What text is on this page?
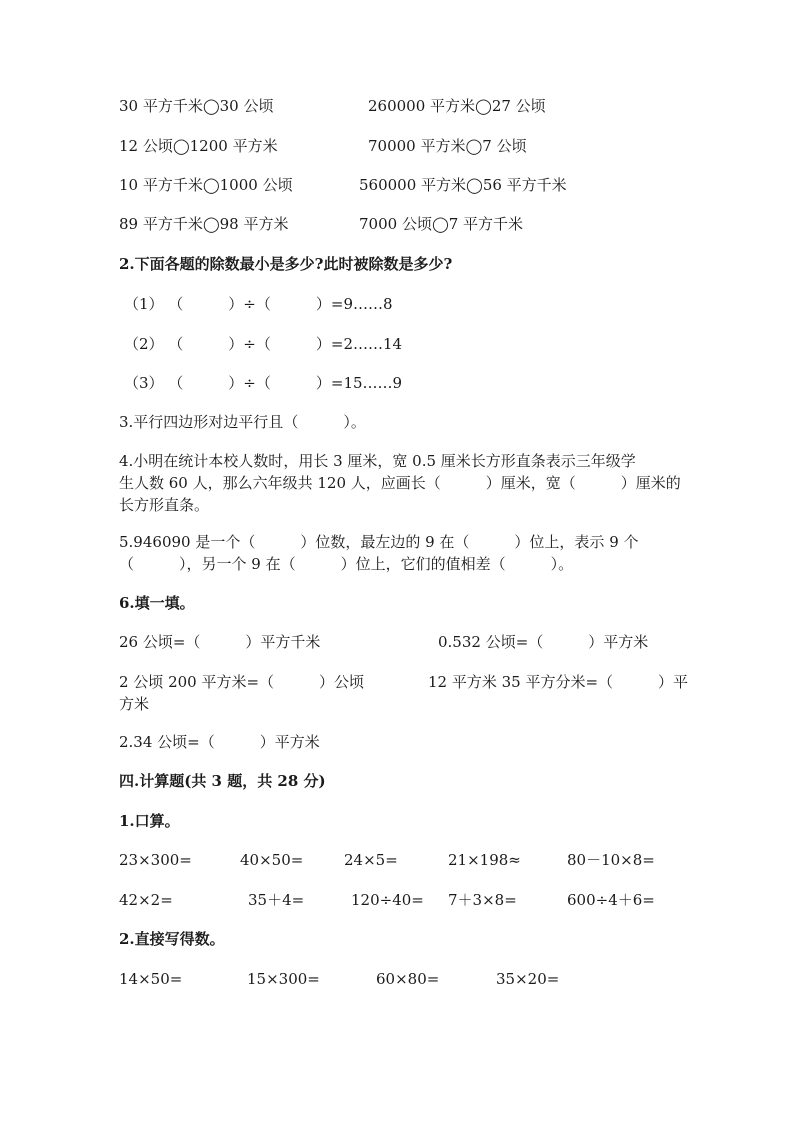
30 平方千米◯30 公顷	260000 平方米◯27 公顷
12 公顷◯1200 平方米	70000 平方米◯7 公顷
10 平方千米◯1000 公顷	560000 平方米◯56 平方千米
89 平方千米◯98 平方米	7000 公顷◯7 平方千米
2.下面各题的除数最小是多少?此时被除数是多少?
（1） （　　　）÷（　　　）=9……8
（2） （　　　）÷（　　　）=2……14
（3） （　　　）÷（　　　）=15……9
3.平行四边形对边平行且（　　　）。
4.小明在统计本校人数时，用长 3 厘米，宽 0.5 厘米长方形直条表示三年级学
生人数 60 人，那么六年级共 120 人，应画长（　　　）厘米，宽（　　　）厘米的
长方形直条。
5.946090 是一个（　　　）位数，最左边的 9 在（　　　）位上，表示 9 个
（　　　），另一个 9 在（　　　）位上，它们的值相差（　　　）。
6.填一填。
26 公顷=（　　　）平方千米	0.532 公顷=（　　　）平方米
2 公顷 200 平方米=（　　　）公顷	12 平方米 35 平方分米=（　　　）平
方米
2.34 公顷=（　　　）平方米
四.计算题(共 3 题，共 28 分)
1.口算。
23×300=	40×50=	24×5=	21×198≈	80－10×8=
42×2=	35＋4=	120÷40= 7＋3×8=	600÷4＋6=
2.直接写得数。
14×50=	15×300=	60×80=	35×20=
